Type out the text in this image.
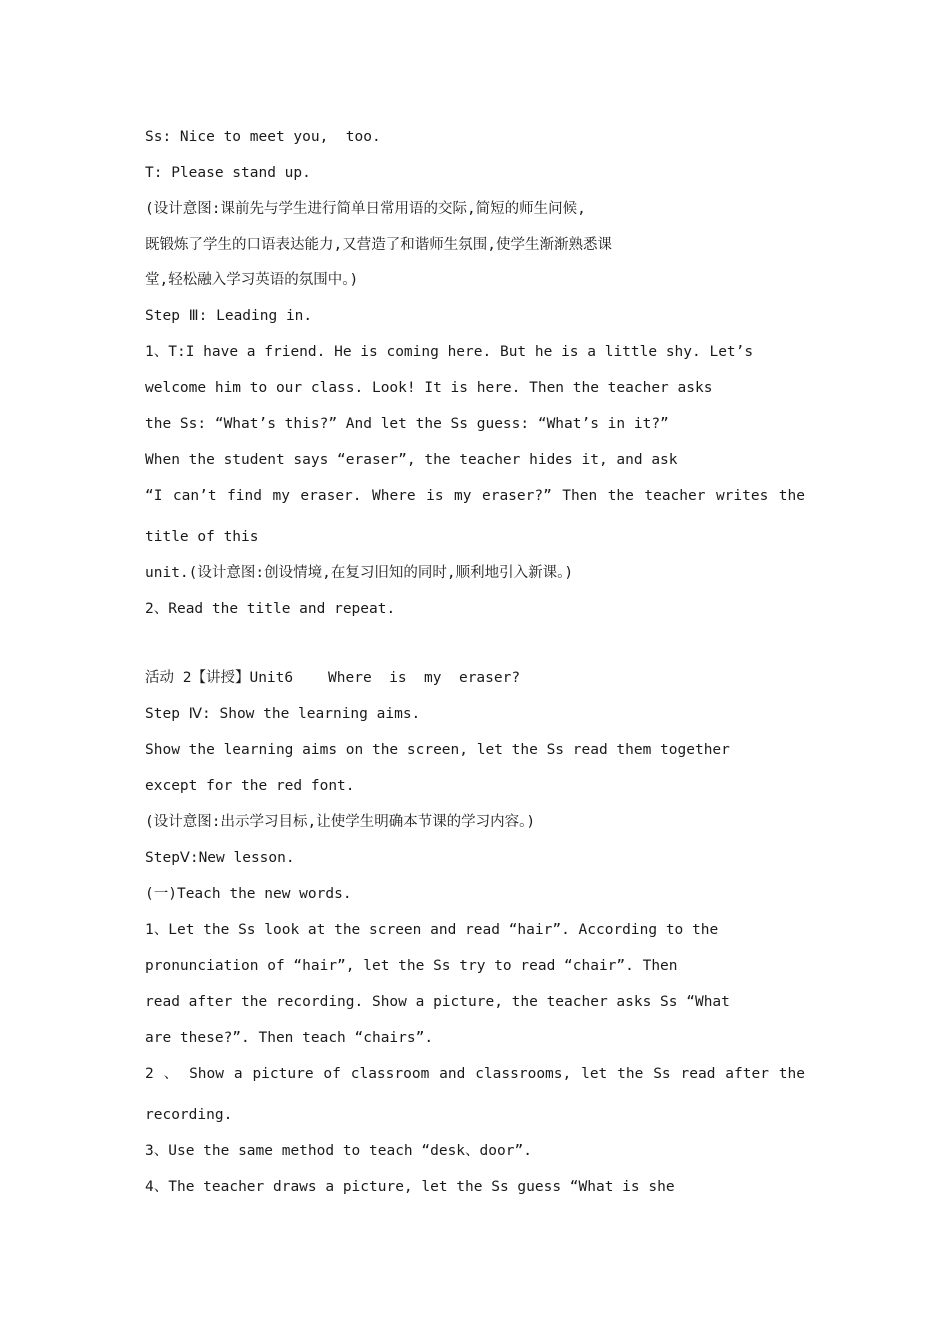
Ss: Nice to meet you,  too.
T: Please stand up.
(设计意图:课前先与学生进行简单日常用语的交际,简短的师生问候,
既锻炼了学生的口语表达能力,又营造了和谐师生氛围,使学生渐渐熟悉课
堂,轻松融入学习英语的氛围中。)
Step Ⅲ: Leading in.
1、T:I have a friend. He is coming here. But he is a little shy. Let’s
welcome him to our class. Look! It is here. Then the teacher asks
the Ss: “What’s this?” And let the Ss guess: “What’s in it?”
When the student says “eraser”, the teacher hides it, and ask
“I can’t find my eraser. Where is my eraser?” Then the teacher writes the
title of this
unit.(设计意图:创设情境,在复习旧知的同时,顺利地引入新课。)
2、Read the title and repeat.
活动 2【讲授】Unit6    Where  is  my  eraser?
Step Ⅳ: Show the learning aims.
Show the learning aims on the screen, let the Ss read them together
except for the red font.
(设计意图:出示学习目标,让使学生明确本节课的学习内容。)
StepⅤ:New lesson.
(一)Teach the new words.
1、Let the Ss look at the screen and read “hair”. According to the
pronunciation of “hair”, let the Ss try to read “chair”. Then
read after the recording. Show a picture, the teacher asks Ss “What
are these?”. Then teach “chairs”.
2 、 Show a picture of classroom and classrooms, let the Ss read after the
recording.
3、Use the same method to teach “desk、door”.
4、The teacher draws a picture, let the Ss guess “What is she
